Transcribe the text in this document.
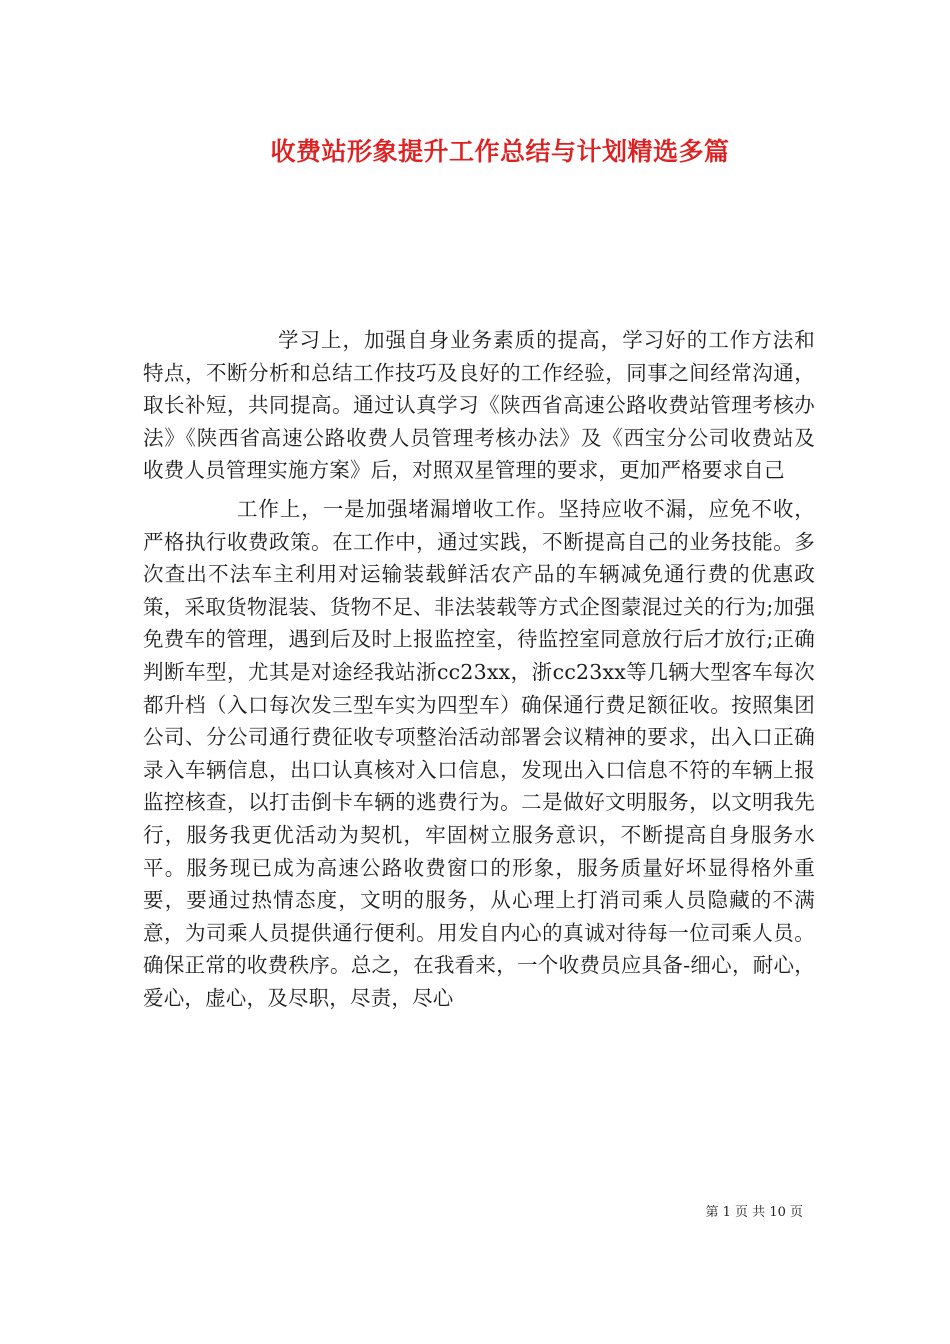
收费站形象提升工作总结与计划精选多篇

学习上，加强自身业务素质的提高，学习好的工作方法和特点，不断分析和总结工作技巧及良好的工作经验，同事之间经常沟通，取长补短，共同提高。通过认真学习《陕西省高速公路收费站管理考核办法》《陕西省高速公路收费人员管理考核办法》及《西宝分公司收费站及收费人员管理实施方案》后，对照双星管理的要求，更加严格要求自己

工作上，一是加强堵漏增收工作。坚持应收不漏，应免不收，严格执行收费政策。在工作中，通过实践，不断提高自己的业务技能。多次查出不法车主利用对运输装载鲜活农产品的车辆减免通行费的优惠政策，采取货物混装、货物不足、非法装载等方式企图蒙混过关的行为;加强免费车的管理，遇到后及时上报监控室，待监控室同意放行后才放行;正确判断车型，尤其是对途经我站浙cc23xx，浙cc23xx等几辆大型客车每次都升档（入口每次发三型车实为四型车）确保通行费足额征收。按照集团公司、分公司通行费征收专项整治活动部署会议精神的要求，出入口正确录入车辆信息，出口认真核对入口信息，发现出入口信息不符的车辆上报监控核查，以打击倒卡车辆的逃费行为。二是做好文明服务，以文明我先行，服务我更优活动为契机，牢固树立服务意识，不断提高自身服务水平。服务现已成为高速公路收费窗口的形象，服务质量好坏显得格外重要，要通过热情态度，文明的服务，从心理上打消司乘人员隐藏的不满意，为司乘人员提供通行便利。用发自内心的真诚对待每一位司乘人员。确保正常的收费秩序。总之，在我看来，一个收费员应具备-细心，耐心，爱心，虚心，及尽职，尽责，尽心

第 1 页 共 10 页
